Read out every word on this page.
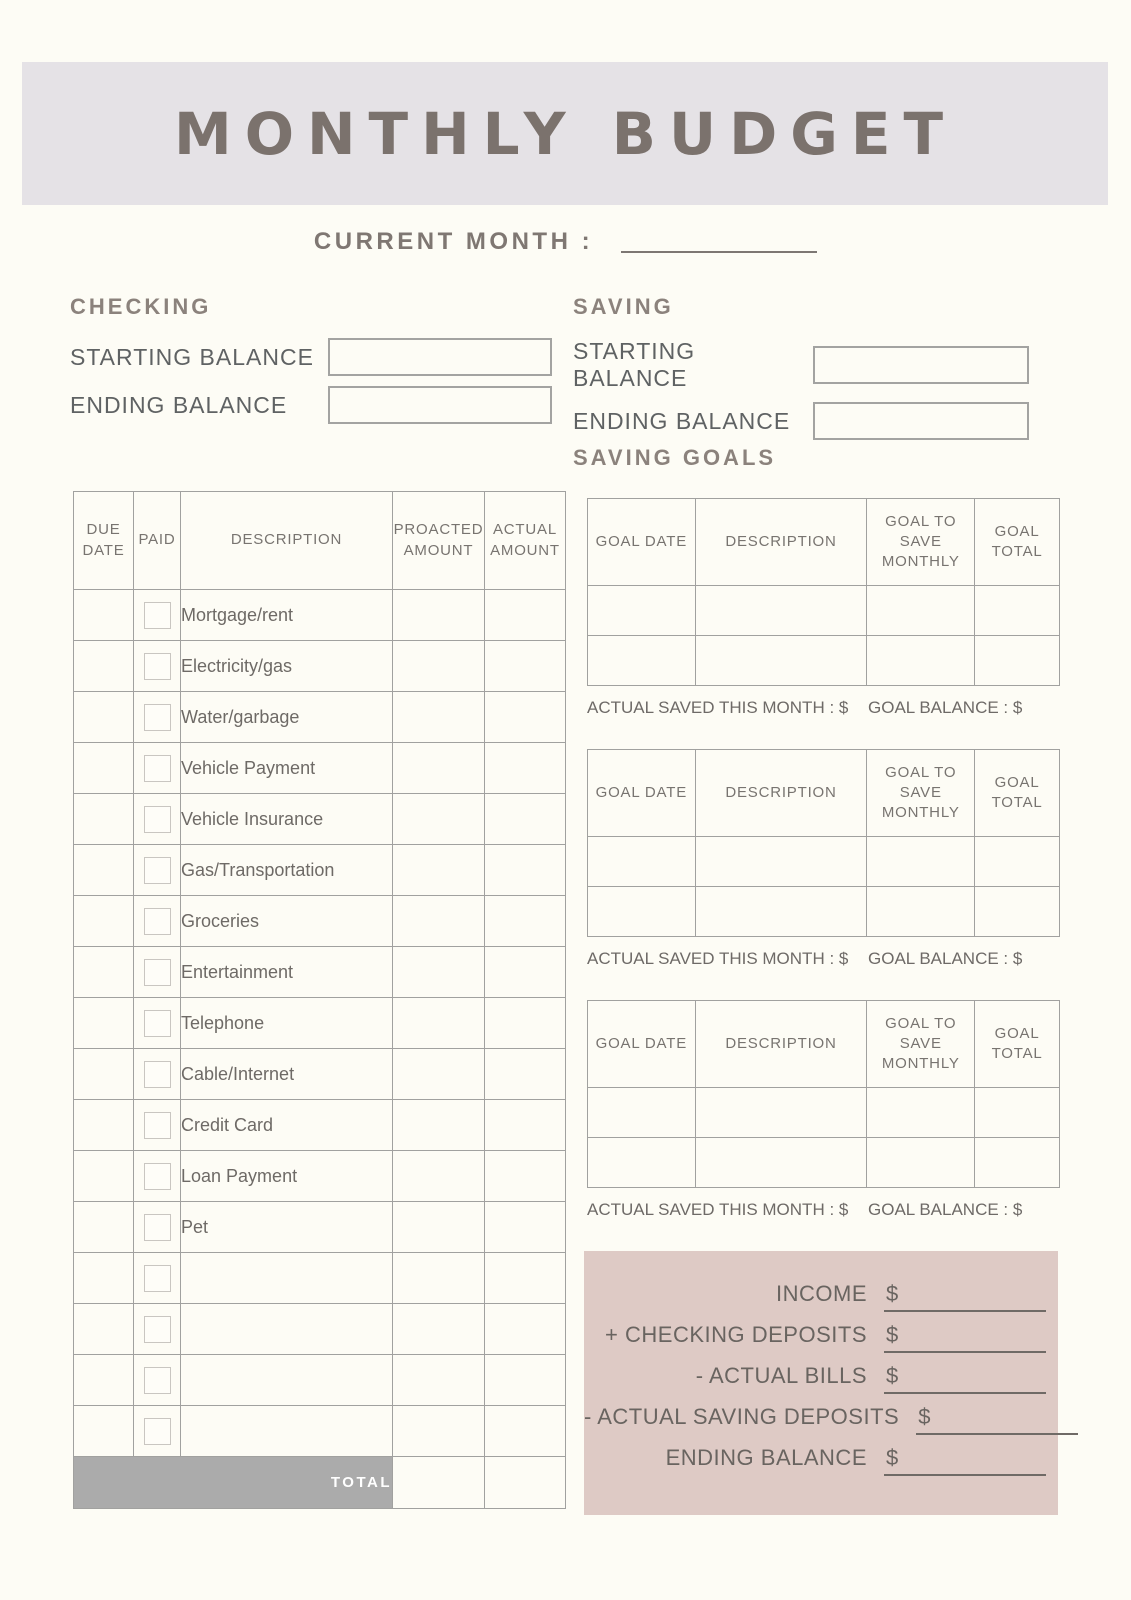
MONTHLY BUDGET
CURRENT MONTH :
CHECKING
STARTING BALANCE
ENDING BALANCE
SAVING
STARTING BALANCE
ENDING BALANCE
SAVING GOALS
DUE DATE	PAID	DESCRIPTION	PROACTED AMOUNT	ACTUAL AMOUNT

	Mortgage/rent		

	Electricity/gas		

	Water/garbage		

	Vehicle Payment		

	Vehicle Insurance		

	Gas/Transportation		

	Groceries		

	Entertainment		

	Telephone		

	Cable/Internet		

	Credit Card		

	Loan Payment		

	Pet		

TOTAL				
GOAL DATE	DESCRIPTION	GOAL TO SAVE MONTHLY	GOAL TOTAL

ACTUAL SAVED THIS MONTH : $ GOAL BALANCE : $
GOAL DATE	DESCRIPTION	GOAL TO SAVE MONTHLY	GOAL TOTAL

ACTUAL SAVED THIS MONTH : $ GOAL BALANCE : $
GOAL DATE	DESCRIPTION	GOAL TO SAVE MONTHLY	GOAL TOTAL

ACTUAL SAVED THIS MONTH : $ GOAL BALANCE : $
INCOME $
+ CHECKING DEPOSITS $
- ACTUAL BILLS $
- ACTUAL SAVING DEPOSITS $
ENDING BALANCE $
